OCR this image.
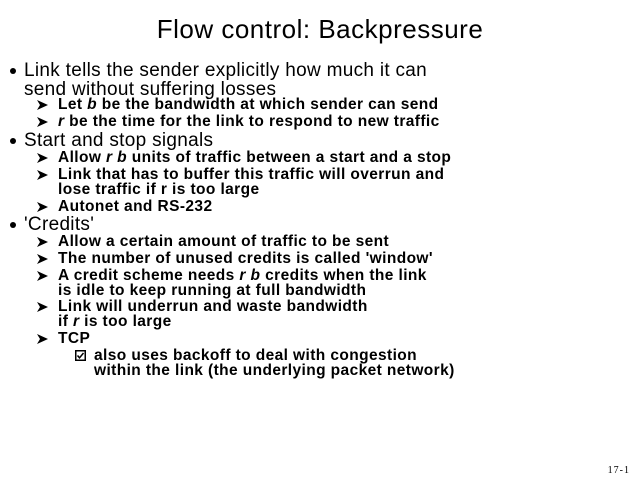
Flow control: Backpressure
Link tells the sender explicitly how much it can
send without suffering losses
Let b be the bandwidth at which sender can send
r be the time for the link to respond to new traffic
Start and stop signals
Allow r b units of traffic between a start and a stop
Link that has to buffer this traffic will overrun and
lose traffic if r is too large
Autonet and RS-232
'Credits'
Allow a certain amount of traffic to be sent
The number of unused credits is called 'window'
A credit scheme needs r b credits when the link
is idle to keep running at full bandwidth
Link will underrun and waste bandwidth
if r is too large
TCP
also uses backoff to deal with congestion
within the link (the underlying packet network)
17-1
